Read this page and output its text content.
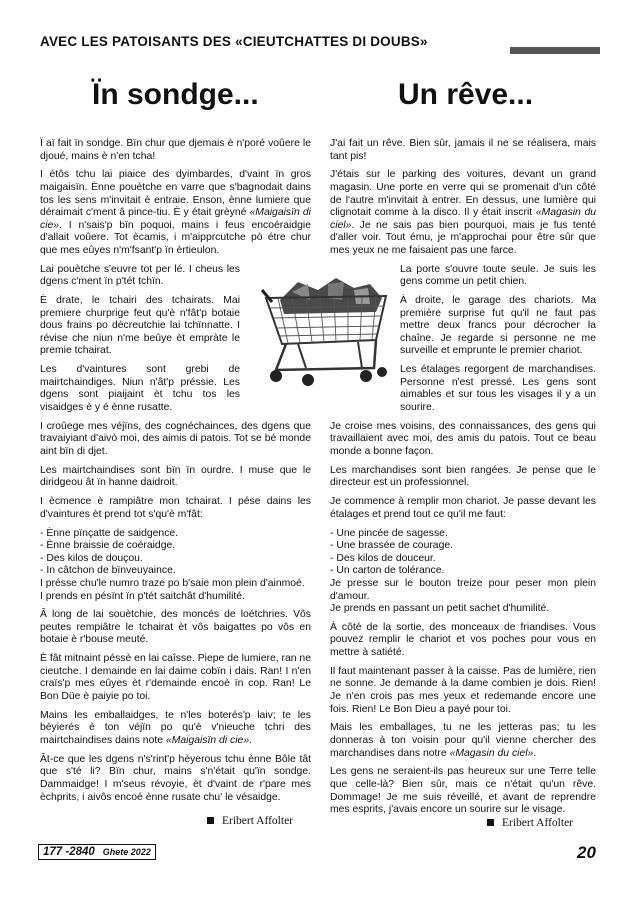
AVEC LES PATOISANTS DES «CIEUTCHATTES DI DOUBS»
Ïn sondge...	Un rêve...

Ï aï fait ïn sondge. Bïn chur que djemais è n'poré voûere le djoué, mains è n'en tcha!

I étôs tchu lai piaice des dyimbardes, d'vaint ïn gros maigaisïn. Ènne pouètche en varre que s'bagnodait dains tos les sens m'invitait è entraie. Enson, ènne lumiere que déraimait c'ment â pince-tiu. È y était grèyné «Maigaisïn di cie». I n'sais'p bïn poquoi, mains i feus encoéraidgie d'allait voûere. Tot ècamis, i m'aipprcutche pò étre chur que mes eûyes n'm'fsant'p ïn èrtieulon.

Lai pouètche s'euvre tot per lé. I cheus les dgens c'ment ïn p'tét tchïn.

È drate, le tchairi des tchairats. Mai premiere churprige feut qu'è n'fât'p botaie dous frains po dècreutchie lai tchïnnatte. I révise che niun n'me beûye èt empràte le premie tchairat.

Les d'vaintures sont grebi de mairtchaindiges. Niun n'ât'p préssie. Les dgens sont piaijaint èt tchu tos les visaidges è y é ènne rusatte.

I croûege mes véjïns, des cognéchainces, des dgens que travaiyiant d'aivò moi, des aimis di patois. Tot se bé monde aint bïn di djet.

Les mairtchaindises sont bïn ïn ourdre. I muse que le diridgeou ât ïn hanne daidroit.

I ècmence è rampiâtre mon tchairat. I pése dains les d'vaintures èt prend tot s'qu'è m'fât:

- Ènne pïnçatte de saidgence.
- Ènne braissie de coéraidge.
- Des kilos de douçou.
- In câtchon de bïnveuyaince.

I présse chu'le numro traze po b'saie mon plein d'ainmoé.

I prends en pésïnt ïn p'tét saitchât d'humilité.

Â long de lai souètchie, des moncés de loétchries. Vôs peutes rempiâtre le tchairat èt vôs baigattes po vôs en botaie è r'bouse meuté.

È fât mitnaint péssè en lai caîsse. Piepe de lumiere, ran ne cieutche. I demainde en lai daime cobïn i dais. Ran! I n'en craïs'p mes eûyes èt r'demainde encoè ïn cop. Ran! Le Bon Düe è paiyie po toi.

Mains les emballaidges, te n'les boterés'p laiv; te les bèyierés è ton véjïn po qu'è v'nieuche tchri des mairtchaindises dains note «Maigaisïn di cie».

Ât-ce que les dgens n's'rint'p hèyerous tchu ènne Bôle tât que s'té li? Bïn chur, mains s'n'était qu'ïn sondge. Dammaidge! I m'seus révoyie, èt d'vaint de r'pare mes èchprits, i aivôs encoé ènne rusate chu' le vésaidge.

J'ai fait un rêve. Bien sûr, jamais il ne se réalisera, mais tant pis!

J'étais sur le parking des voitures, devant un grand magasin. Une porte en verre qui se promenait d'un côté de l'autre m'invitait à entrer. En dessus, une lumière qui clignotait comme à la disco. Il y était inscrit «Magasin du ciel». Je ne sais pas bien pourquoi, mais je fus tenté d'aller voir. Tout ému, je m'approchai pour être sûr que mes yeux ne me faisaient pas une farce.

La porte s'ouvre toute seule. Je suis les gens comme un petit chien.

À droite, le garage des chariots. Ma première surprise fut qu'il ne faut pas mettre deux francs pour décrocher la chaîne. Je regarde si personne ne me surveille et emprunte le premier chariot.

Les étalages regorgent de marchandises. Personne n'est pressé. Les gens sont aimables et sur tous les visages il y a un sourire.

Je croise mes voisins, des connaissances, des gens qui travaillaient avec moi, des amis du patois. Tout ce beau monde a bonne façon.

Les marchandises sont bien rangées. Je pense que le directeur est un professionnel.

Je commence à remplir mon chariot. Je passe devant les étalages et prend tout ce qu'il me faut:

- Une pincée de sagesse.
- Une brassée de courage.
- Des kilos de douceur.
- Un carton de tolérance.

Je presse sur le bouton treize pour peser mon plein d'amour.

Je prends en passant un petit sachet d'humilité.

À côté de la sortie, des monceaux de friandises. Vous pouvez remplir le chariot et vos poches pour vous en mettre à satiété.

Il faut maintenant passer à la caisse. Pas de lumière, rien ne sonne. Je demande à la dame combien je dois. Rien! Je n'en crois pas mes yeux et redemande encore une fois. Rien! Le Bon Dieu a payé pour toi.

Mais les emballages, tu ne les jetteras pas; tu les donneras à ton voisin pour qu'il vienne chercher des marchandises dans notre «Magasin du ciel».

Les gens ne seraient-ils pas heureux sur une Terre telle que celle-là? Bien sûr, mais ce n'était qu'un rêve. Dommage! Je me suis réveillé, et avant de reprendre mes esprits, j'avais encore un sourire sur le visage.

Eribert Affolter	Eribert Affolter
177 -2840 Ghete 2022	20
